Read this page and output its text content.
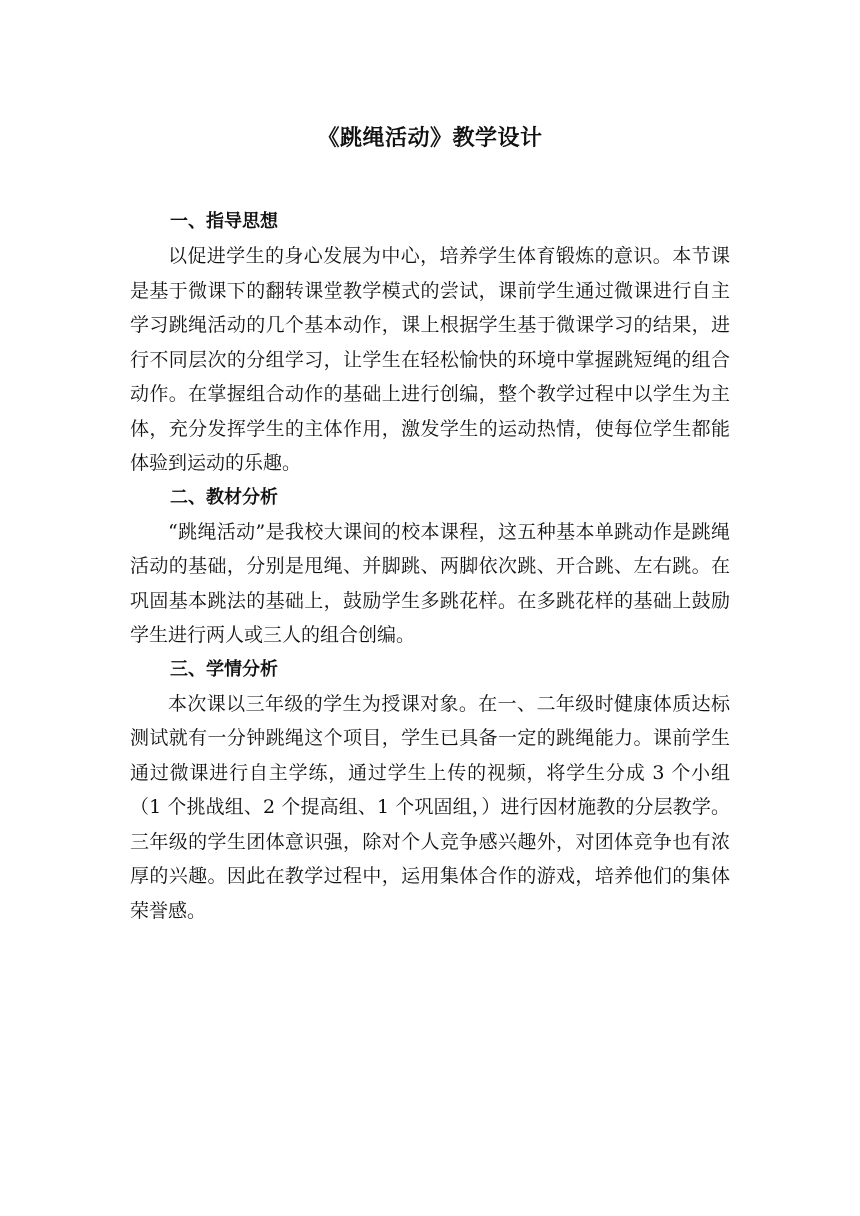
《跳绳活动》教学设计

一、指导思想

以促进学生的身心发展为中心，培养学生体育锻炼的意识。本节课是基于微课下的翻转课堂教学模式的尝试，课前学生通过微课进行自主学习跳绳活动的几个基本动作，课上根据学生基于微课学习的结果，进行不同层次的分组学习，让学生在轻松愉快的环境中掌握跳短绳的组合动作。在掌握组合动作的基础上进行创编，整个教学过程中以学生为主体，充分发挥学生的主体作用，激发学生的运动热情，使每位学生都能体验到运动的乐趣。

二、教材分析

“跳绳活动”是我校大课间的校本课程，这五种基本单跳动作是跳绳活动的基础，分别是甩绳、并脚跳、两脚依次跳、开合跳、左右跳。在巩固基本跳法的基础上，鼓励学生多跳花样。在多跳花样的基础上鼓励学生进行两人或三人的组合创编。

三、学情分析

本次课以三年级的学生为授课对象。在一、二年级时健康体质达标测试就有一分钟跳绳这个项目，学生已具备一定的跳绳能力。课前学生通过微课进行自主学练，通过学生上传的视频，将学生分成 3 个小组（1 个挑战组、2 个提高组、1 个巩固组，）进行因材施教的分层教学。三年级的学生团体意识强，除对个人竞争感兴趣外，对团体竞争也有浓厚的兴趣。因此在教学过程中，运用集体合作的游戏，培养他们的集体荣誉感。
